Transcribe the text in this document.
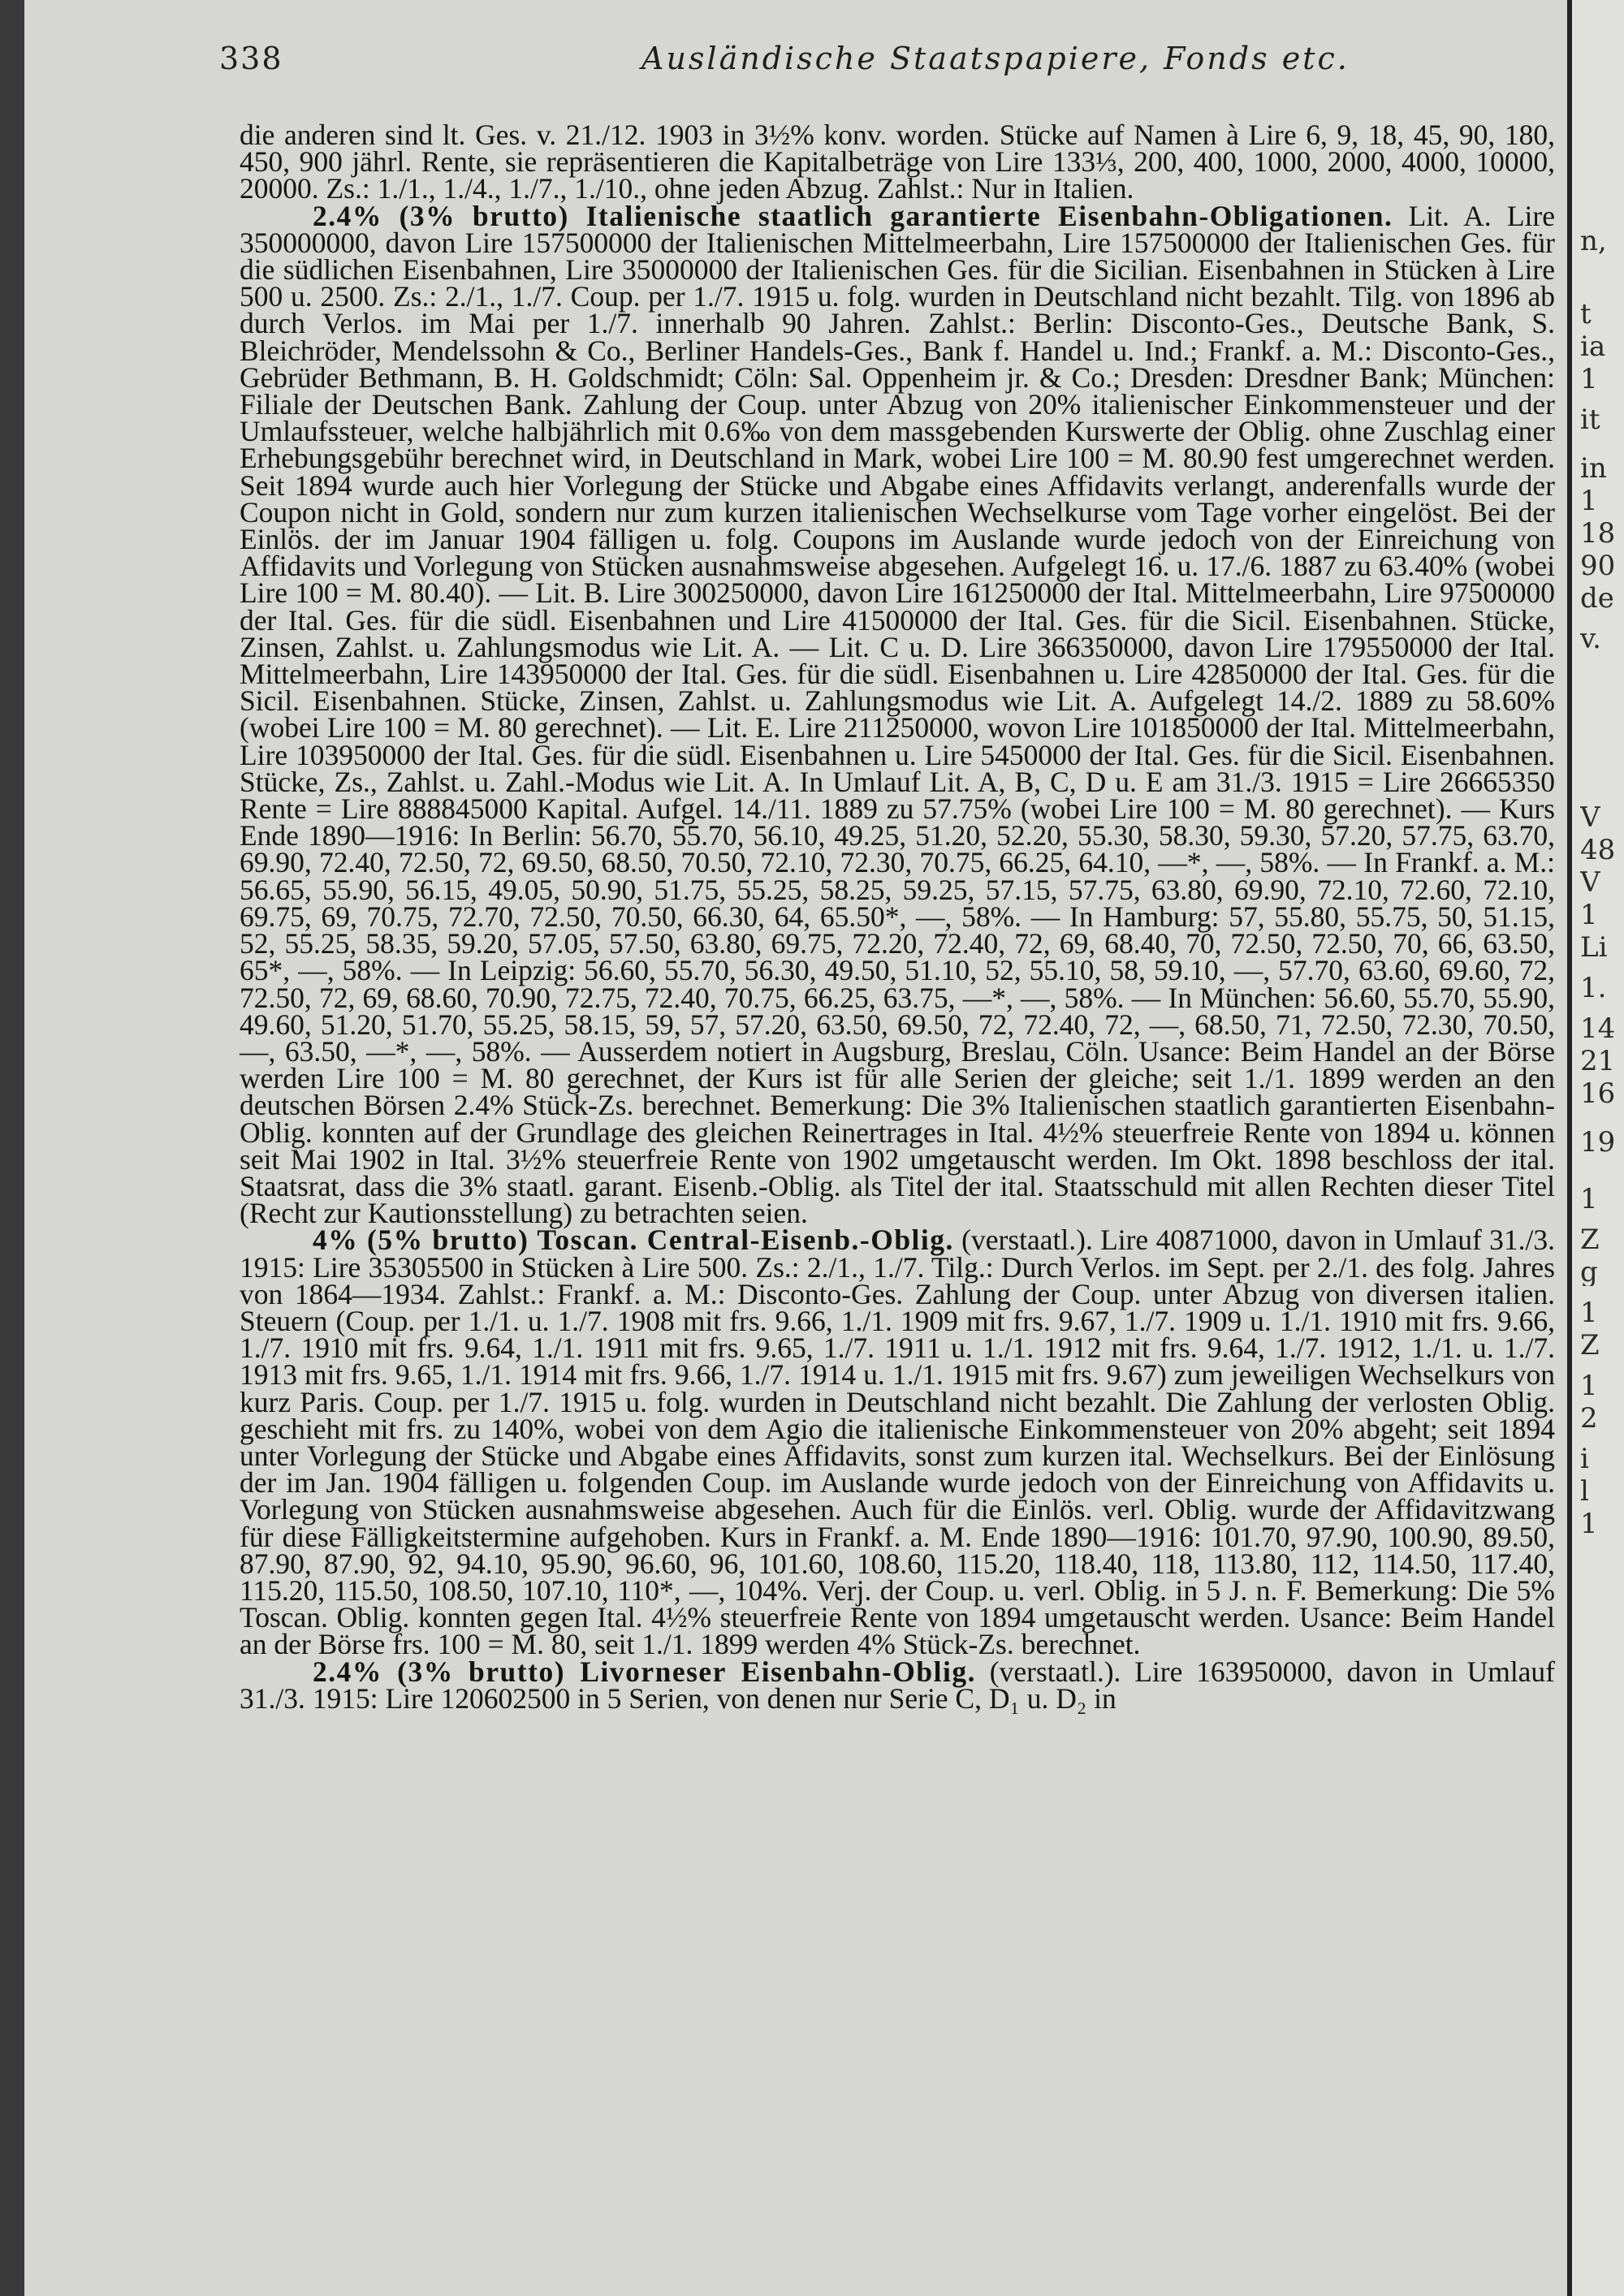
338	Ausländische Staatspapiere, Fonds etc.

die anderen sind lt. Ges. v. 21./12. 1903 in 3½% konv. worden. Stücke auf Namen à Lire 6, 9, 18, 45, 90, 180, 450, 900 jährl. Rente, sie repräsentieren die Kapitalbeträge von Lire 133⅓, 200, 400, 1000, 2000, 4000, 10000, 20000. Zs.: 1./1., 1./4., 1./7., 1./10., ohne jeden Abzug. Zahlst.: Nur in Italien.

2.4% (3% brutto) Italienische staatlich garantierte Eisenbahn-Obligationen. Lit. A. Lire 350000000, davon Lire 157500000 der Italienischen Mittelmeerbahn, Lire 157500000 der Italienischen Ges. für die südlichen Eisenbahnen, Lire 35000000 der Italienischen Ges. für die Sicilian. Eisenbahnen in Stücken à Lire 500 u. 2500. Zs.: 2./1., 1./7. Coup. per 1./7. 1915 u. folg. wurden in Deutschland nicht bezahlt. Tilg. von 1896 ab durch Verlos. im Mai per 1./7. innerhalb 90 Jahren. Zahlst.: Berlin: Disconto-Ges., Deutsche Bank, S. Bleichröder, Mendelssohn & Co., Berliner Handels-Ges., Bank f. Handel u. Ind.; Frankf. a. M.: Disconto-Ges., Gebrüder Bethmann, B. H. Goldschmidt; Cöln: Sal. Oppenheim jr. & Co.; Dresden: Dresdner Bank; München: Filiale der Deutschen Bank. Zahlung der Coup. unter Abzug von 20% italienischer Einkommensteuer und der Umlaufssteuer, welche halbjährlich mit 0.6‰ von dem massgebenden Kurswerte der Oblig. ohne Zuschlag einer Erhebungsgebühr berechnet wird, in Deutschland in Mark, wobei Lire 100 = M. 80.90 fest umgerechnet werden. Seit 1894 wurde auch hier Vorlegung der Stücke und Abgabe eines Affidavits verlangt, anderenfalls wurde der Coupon nicht in Gold, sondern nur zum kurzen italienischen Wechselkurse vom Tage vorher eingelöst. Bei der Einlös. der im Januar 1904 fälligen u. folg. Coupons im Auslande wurde jedoch von der Einreichung von Affidavits und Vorlegung von Stücken ausnahmsweise abgesehen. Aufgelegt 16. u. 17./6. 1887 zu 63.40% (wobei Lire 100 = M. 80.40). — Lit. B. Lire 300250000, davon Lire 161250000 der Ital. Mittelmeerbahn, Lire 97500000 der Ital. Ges. für die südl. Eisenbahnen und Lire 41500000 der Ital. Ges. für die Sicil. Eisenbahnen. Stücke, Zinsen, Zahlst. u. Zahlungsmodus wie Lit. A. — Lit. C u. D. Lire 366350000, davon Lire 179550000 der Ital. Mittelmeerbahn, Lire 143950000 der Ital. Ges. für die südl. Eisenbahnen u. Lire 42850000 der Ital. Ges. für die Sicil. Eisenbahnen. Stücke, Zinsen, Zahlst. u. Zahlungsmodus wie Lit. A. Aufgelegt 14./2. 1889 zu 58.60% (wobei Lire 100 = M. 80 gerechnet). — Lit. E. Lire 211250000, wovon Lire 101850000 der Ital. Mittelmeerbahn, Lire 103950000 der Ital. Ges. für die südl. Eisenbahnen u. Lire 5450000 der Ital. Ges. für die Sicil. Eisenbahnen. Stücke, Zs., Zahlst. u. Zahl.-Modus wie Lit. A. In Umlauf Lit. A, B, C, D u. E am 31./3. 1915 = Lire 26665350 Rente = Lire 888845000 Kapital. Aufgel. 14./11. 1889 zu 57.75% (wobei Lire 100 = M. 80 gerechnet). — Kurs Ende 1890—1916: In Berlin: 56.70, 55.70, 56.10, 49.25, 51.20, 52.20, 55.30, 58.30, 59.30, 57.20, 57.75, 63.70, 69.90, 72.40, 72.50, 72, 69.50, 68.50, 70.50, 72.10, 72.30, 70.75, 66.25, 64.10, —*, —, 58%. — In Frankf. a. M.: 56.65, 55.90, 56.15, 49.05, 50.90, 51.75, 55.25, 58.25, 59.25, 57.15, 57.75, 63.80, 69.90, 72.10, 72.60, 72.10, 69.75, 69, 70.75, 72.70, 72.50, 70.50, 66.30, 64, 65.50*, —, 58%. — In Hamburg: 57, 55.80, 55.75, 50, 51.15, 52, 55.25, 58.35, 59.20, 57.05, 57.50, 63.80, 69.75, 72.20, 72.40, 72, 69, 68.40, 70, 72.50, 72.50, 70, 66, 63.50, 65*, —, 58%. — In Leipzig: 56.60, 55.70, 56.30, 49.50, 51.10, 52, 55.10, 58, 59.10, —, 57.70, 63.60, 69.60, 72, 72.50, 72, 69, 68.60, 70.90, 72.75, 72.40, 70.75, 66.25, 63.75, —*, —, 58%. — In München: 56.60, 55.70, 55.90, 49.60, 51.20, 51.70, 55.25, 58.15, 59, 57, 57.20, 63.50, 69.50, 72, 72.40, 72, —, 68.50, 71, 72.50, 72.30, 70.50, —, 63.50, —*, —, 58%. — Ausserdem notiert in Augsburg, Breslau, Cöln. Usance: Beim Handel an der Börse werden Lire 100 = M. 80 gerechnet, der Kurs ist für alle Serien der gleiche; seit 1./1. 1899 werden an den deutschen Börsen 2.4% Stück-Zs. berechnet. Bemerkung: Die 3% Italienischen staatlich garantierten Eisenbahn-Oblig. konnten auf der Grundlage des gleichen Reinertrages in Ital. 4½% steuerfreie Rente von 1894 u. können seit Mai 1902 in Ital. 3½% steuerfreie Rente von 1902 umgetauscht werden. Im Okt. 1898 beschloss der ital. Staatsrat, dass die 3% staatl. garant. Eisenb.-Oblig. als Titel der ital. Staatsschuld mit allen Rechten dieser Titel (Recht zur Kautionsstellung) zu betrachten seien.

4% (5% brutto) Toscan. Central-Eisenb.-Oblig. (verstaatl.). Lire 40871000, davon in Umlauf 31./3. 1915: Lire 35305500 in Stücken à Lire 500. Zs.: 2./1., 1./7. Tilg.: Durch Verlos. im Sept. per 2./1. des folg. Jahres von 1864—1934. Zahlst.: Frankf. a. M.: Disconto-Ges. Zahlung der Coup. unter Abzug von diversen italien. Steuern (Coup. per 1./1. u. 1./7. 1908 mit frs. 9.66, 1./1. 1909 mit frs. 9.67, 1./7. 1909 u. 1./1. 1910 mit frs. 9.66, 1./7. 1910 mit frs. 9.64, 1./1. 1911 mit frs. 9.65, 1./7. 1911 u. 1./1. 1912 mit frs. 9.64, 1./7. 1912, 1./1. u. 1./7. 1913 mit frs. 9.65, 1./1. 1914 mit frs. 9.66, 1./7. 1914 u. 1./1. 1915 mit frs. 9.67) zum jeweiligen Wechselkurs von kurz Paris. Coup. per 1./7. 1915 u. folg. wurden in Deutschland nicht bezahlt. Die Zahlung der verlosten Oblig. geschieht mit frs. zu 140%, wobei von dem Agio die italienische Einkommensteuer von 20% abgeht; seit 1894 unter Vorlegung der Stücke und Abgabe eines Affidavits, sonst zum kurzen ital. Wechselkurs. Bei der Einlösung der im Jan. 1904 fälligen u. folgenden Coup. im Auslande wurde jedoch von der Einreichung von Affidavits u. Vorlegung von Stücken ausnahmsweise abgesehen. Auch für die Einlös. verl. Oblig. wurde der Affidavitzwang für diese Fälligkeitstermine aufgehoben. Kurs in Frankf. a. M. Ende 1890—1916: 101.70, 97.90, 100.90, 89.50, 87.90, 87.90, 92, 94.10, 95.90, 96.60, 96, 101.60, 108.60, 115.20, 118.40, 118, 113.80, 112, 114.50, 117.40, 115.20, 115.50, 108.50, 107.10, 110*, —, 104%. Verj. der Coup. u. verl. Oblig. in 5 J. n. F. Bemerkung: Die 5% Toscan. Oblig. konnten gegen Ital. 4½% steuerfreie Rente von 1894 umgetauscht werden. Usance: Beim Handel an der Börse frs. 100 = M. 80, seit 1./1. 1899 werden 4% Stück-Zs. berechnet.

2.4% (3% brutto) Livorneser Eisenbahn-Oblig. (verstaatl.). Lire 163950000, davon in Umlauf 31./3. 1915: Lire 120602500 in 5 Serien, von denen nur Serie C, D₁ u. D₂ in

n,
t
ia
1
it
in
1
18
90
de
v.
V
48
V
1
Li
1.
14
21
16
19
1
Z
g
1
Z
1
2
i
l
1
